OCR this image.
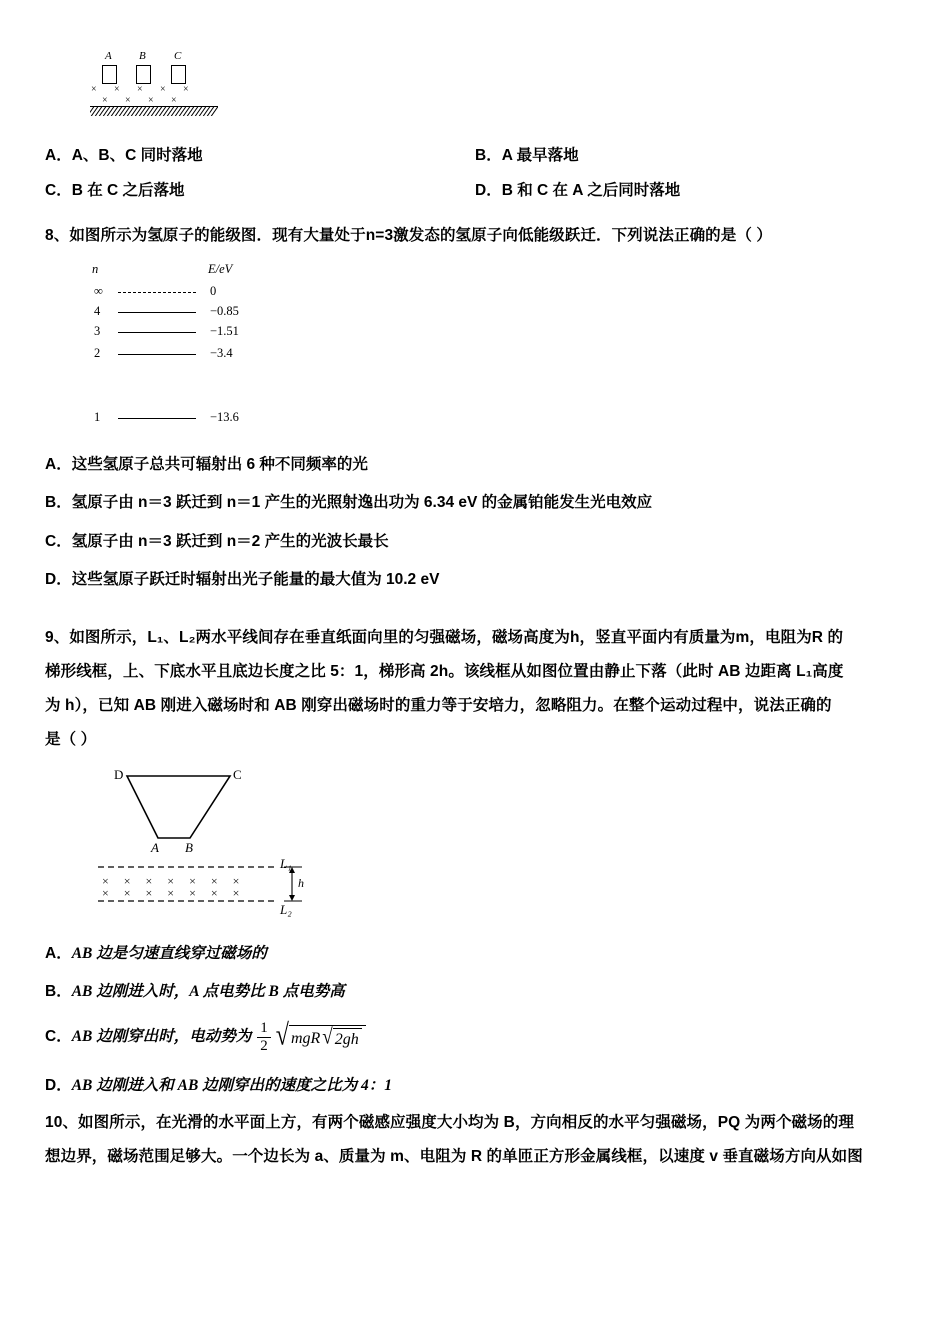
A B	C
× × × × ×
× × × ×
A．A、B、C 同时落地	B．A 最早落地
C．B 在 C 之后落地	D．B 和 C 在 A 之后同时落地

8、如图所示为氢原子的能级图．现有大量处于n=3激发态的氢原子向低能级跃迁．下列说法正确的是（ ）

n	E/eV
∞	0
4	−0.85
3	−1.51
2	−3.4
1	−13.6
A．这些氢原子总共可辐射出 6 种不同频率的光
B．氢原子由 n＝3 跃迁到 n＝1 产生的光照射逸出功为 6.34 eV 的金属铂能发生光电效应
C．氢原子由 n＝3 跃迁到 n＝2 产生的光波长最长
D．这些氢原子跃迁时辐射出光子能量的最大值为 10.2 eV

9、如图所示，L₁、L₂两水平线间存在垂直纸面向里的匀强磁场，磁场高度为h，竖直平面内有质量为m，电阻为R 的

梯形线框，上、下底水平且底边长度之比 5：1，梯形高 2h。该线框从如图位置由静止下落（此时 AB 边距离 L₁高度

为 h），已知 AB 刚进入磁场时和 AB 刚穿出磁场时的重力等于安培力，忽略阻力。在整个运动过程中，说法正确的

是（ ）

D	C
A B
× × × × × × ×
× × × × × × ×
L₁
L₂
h
A．AB 边是匀速直线穿过磁场的
B．AB 边刚进入时，A 点电势比 B 点电势高
C． AB 边刚穿出时，电动势为 $\frac{1}{2}$ √ mgR √ 2gh
D．AB 边刚进入和 AB 边刚穿出的速度之比为 4：1

10、如图所示，在光滑的水平面上方，有两个磁感应强度大小均为 B，方向相反的水平匀强磁场，PQ 为两个磁场的理

想边界，磁场范围足够大。一个边长为 a、质量为 m、电阻为 R 的单匝正方形金属线框，以速度 v 垂直磁场方向从如图
